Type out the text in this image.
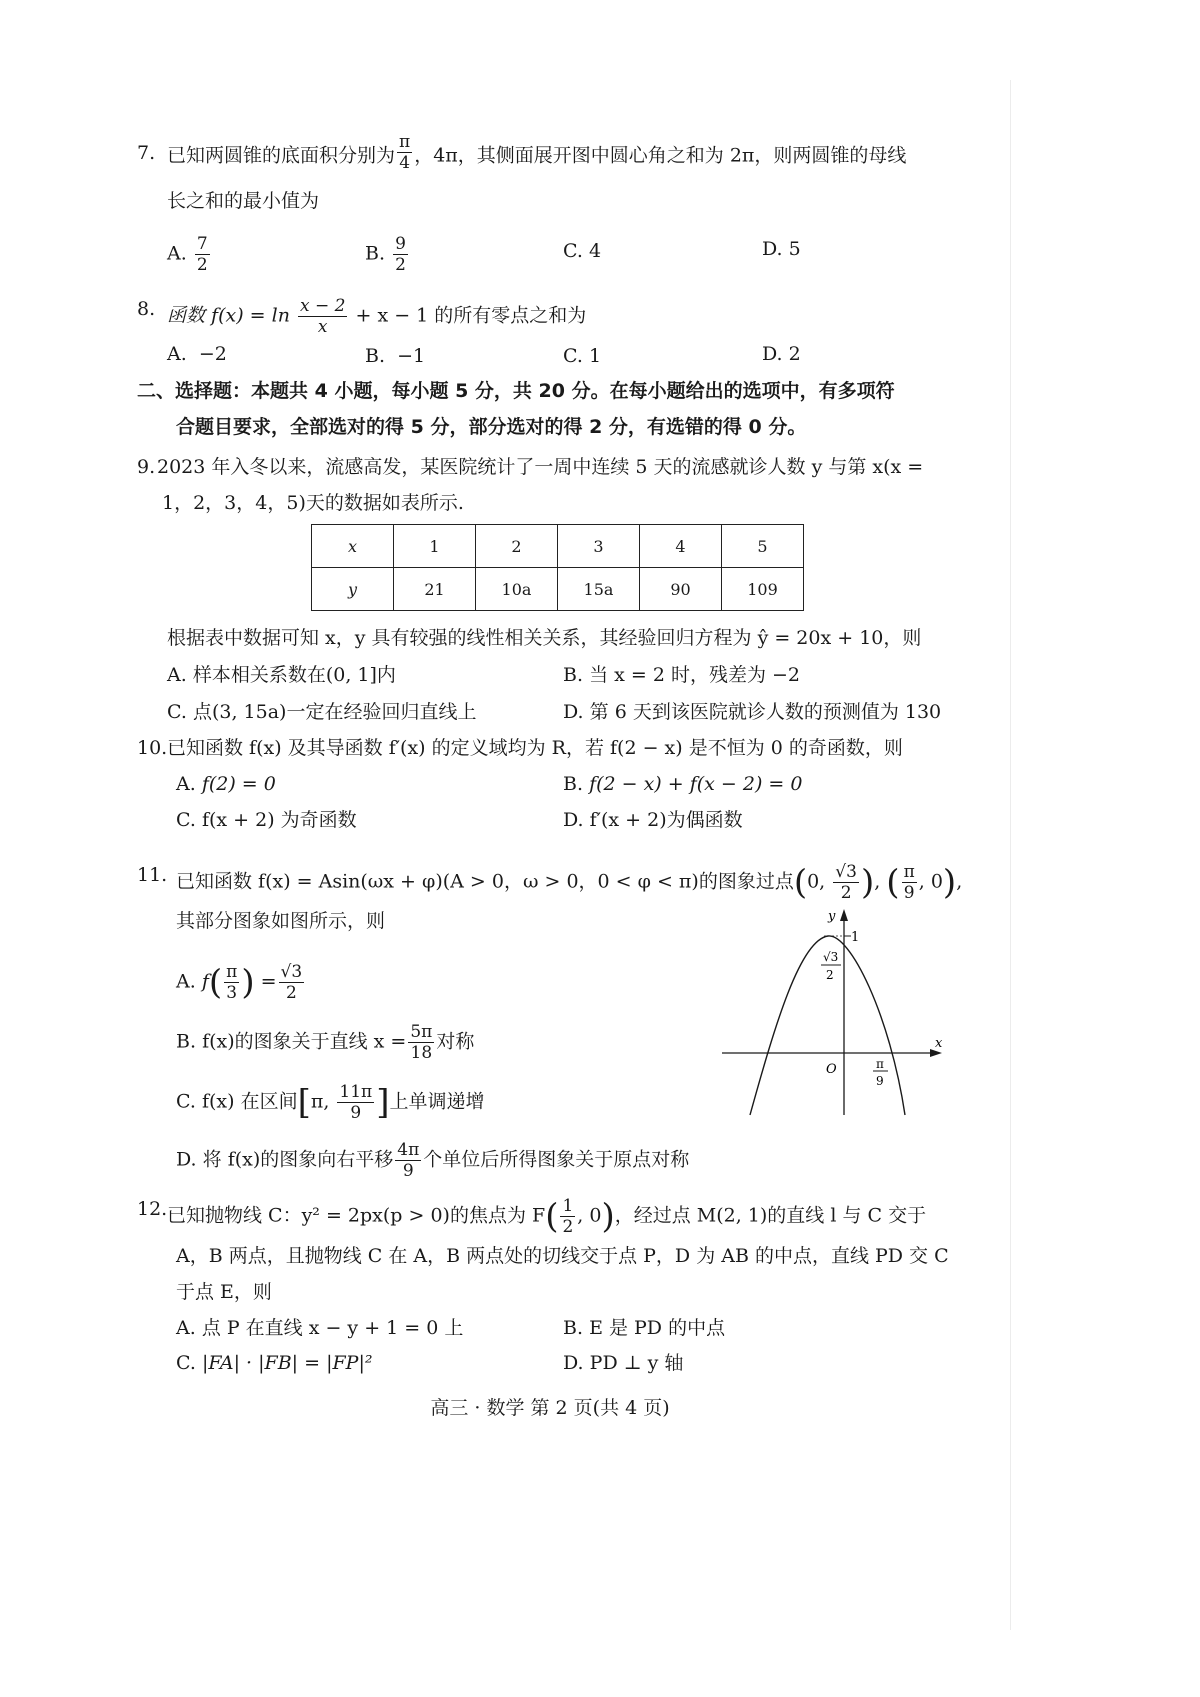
7. 已知两圆锥的底面积分别为 $\frac{\pi}{4}$ ，4π，其侧面展开图中圆心角之和为 2π，则两圆锥的母线
长之和的最小值为
A. $\frac{7}{2}$	B. $\frac{9}{2}$	C. 4	D. 5
8. 函数 $f(x) = \ln \frac{x - 2}{x} + x - 1$ 的所有零点之和为
A. −2	B. −1	C. 1	D. 2
二、选择题：本题共 4 小题，每小题 5 分，共 20 分。在每小题给出的选项中，有多项符
合题目要求，全部选对的得 5 分，部分选对的得 2 分，有选错的得 0 分。
9. 2023 年入冬以来，流感高发，某医院统计了一周中连续 5 天的流感就诊人数 y 与第 x(x =
1，2，3，4，5)天的数据如表所示.
x	1	2	3	4	5
y	21	10a	15a	90	109
根据表中数据可知 x，y 具有较强的线性相关关系，其经验回归方程为 ŷ = 20x + 10，则
A. 样本相关系数在(0, 1]内	B. 当 x = 2 时，残差为 −2
C. 点(3, 15a)一定在经验回归直线上	D. 第 6 天到该医院就诊人数的预测值为 130
10. 已知函数 f(x) 及其导函数 f′(x) 的定义域均为 R，若 f(2 − x) 是不恒为 0 的奇函数，则
A. f(2) = 0	B. f(2 − x) + f(x − 2) = 0
C. f(x + 2) 为奇函数	D. f′(x + 2)为偶函数
11. 已知函数 f(x) = Asin(ωx + φ)(A > 0，ω > 0，0 < φ < π)的图象过点(0, $\frac{√3}{2}$ ), ( $\frac{\pi}{9}$ , 0),
其部分图象如图所示，则
A. $f( \frac{\pi}{3}$ ) = $\frac{√3}{2}$
B. f(x)的图象关于直线 $x = \frac{5\pi}{18}$ 对称
C. f(x) 在区间[π, $\frac{11\pi}{9}$ ]上单调递增
D. 将 f(x)的图象向右平移 $\frac{4\pi}{9}$ 个单位后所得图象关于原点对称
y
x
O
1
√3
2
π
9
12. 已知抛物线 C：y² = 2px(p > 0)的焦点为 $F( \frac{1}{2}$ , 0)，经过点 M(2, 1)的直线 l 与 C 交于
A，B 两点，且抛物线 C 在 A，B 两点处的切线交于点 P，D 为 AB 的中点，直线 PD 交 C
于点 E，则
A. 点 P 在直线 x − y + 1 = 0 上	B. E 是 PD 的中点
C. |FA| · |FB| = |FP|²	D. PD ⊥ y 轴
高三 · 数学 第 2 页(共 4 页)
